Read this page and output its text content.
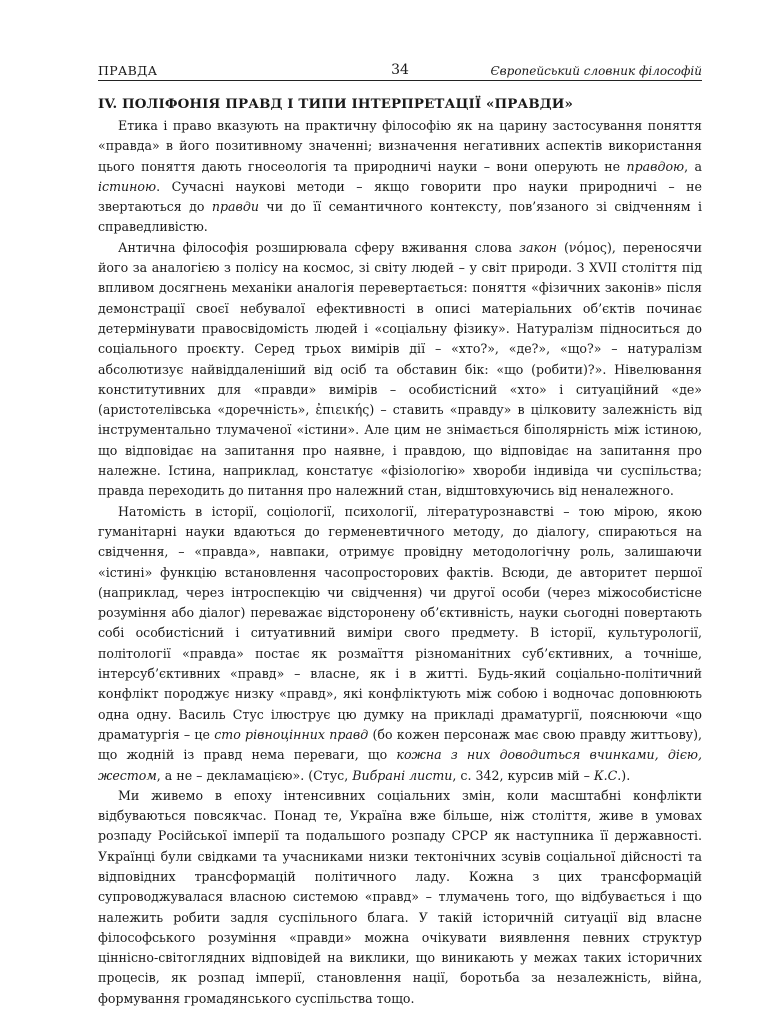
ПРАВДА	34	Європейський словник філософій
IV. ПОЛІФОНІЯ ПРАВД І ТИПИ ІНТЕРПРЕТАЦІЇ «ПРАВДИ»

Етика і право вказують на практичну філософію як на царину застосування поняття «правда» в його позитивному значенні; визначення негативних аспектів використання цього поняття дають гносеологія та природничі науки – вони оперують не правдою, а істиною. Сучасні наукові методи – якщо говорити про науки природничі – не звертаються до правди чи до її семантичного контексту, пов’язаного зі свідченням і справедливістю.

Антична філософія розширювала сферу вживання слова закон (νόμος), переносячи його за аналогією з полісу на космос, зі світу людей – у світ природи. З XVII століття під впливом досягнень механіки аналогія перевертається: поняття «фізичних законів» після демонстрації своєї небувалої ефективності в описі матеріальних об’єктів починає детермінувати правосвідомість людей і «соціальну фізику». Натуралізм підноситься до соціального проєкту. Серед трьох вимірів дії – «хто?», «де?», «що?» – натуралізм абсолютизує найвіддаленіший від осіб та обставин бік: «що (робити)?». Нівелювання конститутивних для «правди» вимірів – особистісний «хто» і ситуаційний «де» (аристотелівська «доречність», ἐπιεικής) – ставить «правду» в цілковиту залежність від інструментально тлумаченої «істини». Але цим не знімається біполярність між істиною, що відповідає на запитання про наявне, і правдою, що відповідає на запитання про належне. Істина, наприклад, констатує «фізіологію» хвороби індивіда чи суспільства; правда переходить до питання про належний стан, відштовхуючись від неналежного.

Натомість в історії, соціології, психології, літературознавстві – тою мірою, якою гуманітарні науки вдаються до герменевтичного методу, до діалогу, спираються на свідчення, – «правда», навпаки, отримує провідну методологічну роль, залишаючи «істині» функцію встановлення часопросторових фактів. Всюди, де авторитет першої (наприклад, через інтроспекцію чи свідчення) чи другої особи (через міжособистісне розуміння або діалог) переважає відсторонену об’єктивність, науки сьогодні повертають собі особистісний і ситуативний виміри свого предмету. В історії, культурології, політології «правда» постає як розмаїття різноманітних суб’єктивних, а точніше, інтерсуб’єктивних «правд» – власне, як і в житті. Будь-який соціально-політичний конфлікт породжує низку «правд», які конфліктують між собою і водночас доповнюють одна одну. Василь Стус ілюструє цю думку на прикладі драматургії, пояснюючи «що драматургія – це сто рівноцінних правд (бо кожен персонаж має свою правду життьову), що жодній із правд нема переваги, що кожна з них доводиться вчинками, дією, жестом, а не – декламацією». (Стус, Вибрані листи, с. 342, курсив мій – К.С.).

Ми живемо в епоху інтенсивних соціальних змін, коли масштабні конфлікти відбуваються повсякчас. Понад те, Україна вже більше, ніж століття, живе в умовах розпаду Російської імперії та подальшого розпаду СРСР як наступника її державності. Українці були свідками та учасниками низки тектонічних зсувів соціальної дійсності та відповідних трансформацій політичного ладу. Кожна з цих трансформацій супроводжувалася власною системою «правд» – тлумачень того, що відбувається і що належить робити задля суспільного блага. У такій історичній ситуації від власне філософського розуміння «правди» можна очікувати виявлення певних структур ціннісно-світоглядних відповідей на виклики, що виникають у межах таких історичних процесів, як розпад імперії, становлення нації, боротьба за незалежність, війна, формування громадянського суспільства тощо.
